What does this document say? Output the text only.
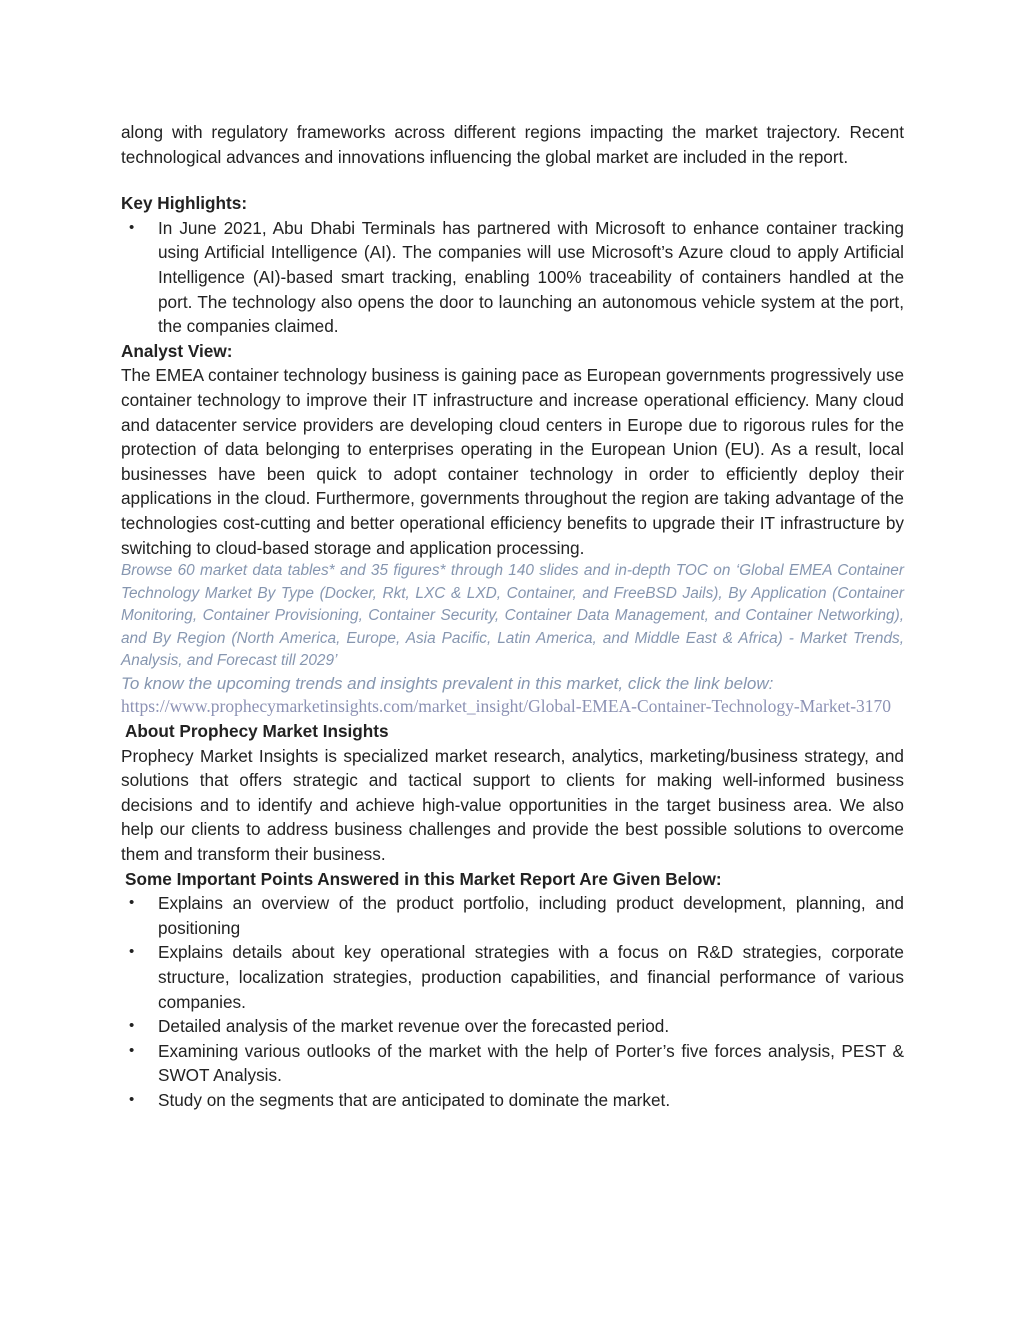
along with regulatory frameworks across different regions impacting the market trajectory. Recent technological advances and innovations influencing the global market are included in the report.

Key Highlights:

• In June 2021, Abu Dhabi Terminals has partnered with Microsoft to enhance container tracking using Artificial Intelligence (AI). The companies will use Microsoft’s Azure cloud to apply Artificial Intelligence (AI)-based smart tracking, enabling 100% traceability of containers handled at the port. The technology also opens the door to launching an autonomous vehicle system at the port, the companies claimed.

Analyst View:

The EMEA container technology business is gaining pace as European governments progressively use container technology to improve their IT infrastructure and increase operational efficiency. Many cloud and datacenter service providers are developing cloud centers in Europe due to rigorous rules for the protection of data belonging to enterprises operating in the European Union (EU). As a result, local businesses have been quick to adopt container technology in order to efficiently deploy their applications in the cloud. Furthermore, governments throughout the region are taking advantage of the technologies cost-cutting and better operational efficiency benefits to upgrade their IT infrastructure by switching to cloud-based storage and application processing.

Browse 60 market data tables* and 35 figures* through 140 slides and in-depth TOC on ‘Global EMEA Container Technology Market By Type (Docker, Rkt, LXC & LXD, Container, and FreeBSD Jails), By Application (Container Monitoring, Container Provisioning, Container Security, Container Data Management, and Container Networking), and By Region (North America, Europe, Asia Pacific, Latin America, and Middle East & Africa) - Market Trends, Analysis, and Forecast till 2029’

To know the upcoming trends and insights prevalent in this market, click the link below:

https://www.prophecymarketinsights.com/market_insight/Global-EMEA-Container-Technology-Market-3170

About Prophecy Market Insights

Prophecy Market Insights is specialized market research, analytics, marketing/business strategy, and solutions that offers strategic and tactical support to clients for making well-informed business decisions and to identify and achieve high-value opportunities in the target business area. We also help our clients to address business challenges and provide the best possible solutions to overcome them and transform their business.

Some Important Points Answered in this Market Report Are Given Below:

• Explains an overview of the product portfolio, including product development, planning, and positioning
• Explains details about key operational strategies with a focus on R&D strategies, corporate structure, localization strategies, production capabilities, and financial performance of various companies.
• Detailed analysis of the market revenue over the forecasted period.
• Examining various outlooks of the market with the help of Porter’s five forces analysis, PEST & SWOT Analysis.
• Study on the segments that are anticipated to dominate the market.
